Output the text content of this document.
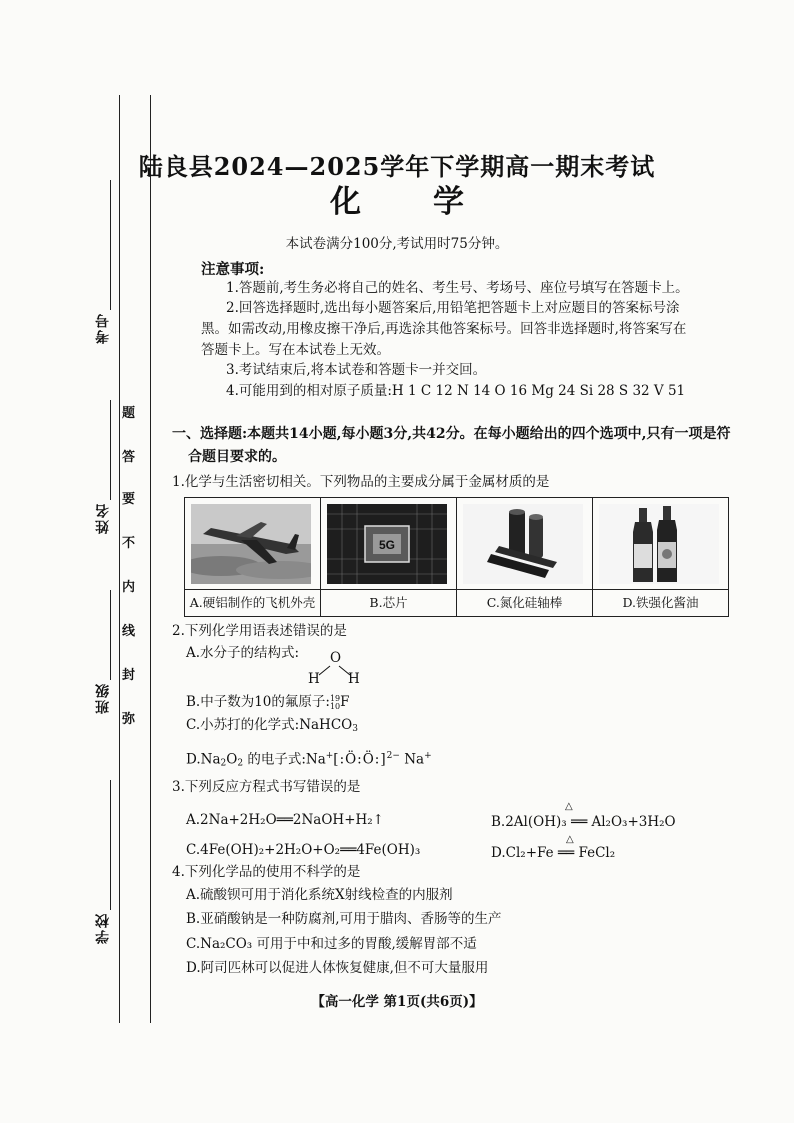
考号
姓名
班级
学校
题
答
要
不
内
线
封
弥
陆良县2024—2025学年下学期高一期末考试
化 学
本试卷满分100分,考试用时75分钟。
注意事项:
1.答题前,考生务必将自己的姓名、考生号、考场号、座位号填写在答题卡上。
2.回答选择题时,选出每小题答案后,用铅笔把答题卡上对应题目的答案标号涂
黑。如需改动,用橡皮擦干净后,再选涂其他答案标号。回答非选择题时,将答案写在
答题卡上。写在本试卷上无效。
3.考试结束后,将本试卷和答题卡一并交回。
4.可能用到的相对原子质量:H 1 C 12 N 14 O 16 Mg 24 Si 28 S 32 V 51
一、选择题:本题共14小题,每小题3分,共42分。在每小题给出的四个选项中,只有一项是符
合题目要求的。
1.化学与生活密切相关。下列物品的主要成分属于金属材质的是
A.硬铝制作的飞机外壳
5G
B.芯片	C.氮化硅轴棒	D.铁强化酱油
2.下列化学用语表述错误的是
A.水分子的结构式: O
H H
B.中子数为10的氟原子:19
10F
C.小苏打的化学式:NaHCO$_3$
$D.Na_2O_2$ 的电子式:Na+[:Ö:Ö:]$^{2-}$ Na+
3.下列反应方程式书写错误的是
A.2Na+2H₂O══2NaOH+H₂↑
△
B.2Al(OH)₃ ══ Al₂O₃+3H₂O
C.4Fe(OH)₂+2H₂O+O₂══4Fe(OH)₃
△
D.Cl₂+Fe ══ FeCl₂
4.下列化学品的使用不科学的是
A.硫酸钡可用于消化系统X射线检查的内服剂
B.亚硝酸钠是一种防腐剂,可用于腊肉、香肠等的生产
C.Na₂CO₃ 可用于中和过多的胃酸,缓解胃部不适
D.阿司匹林可以促进人体恢复健康,但不可大量服用
【高一化学 第1页(共6页)】
